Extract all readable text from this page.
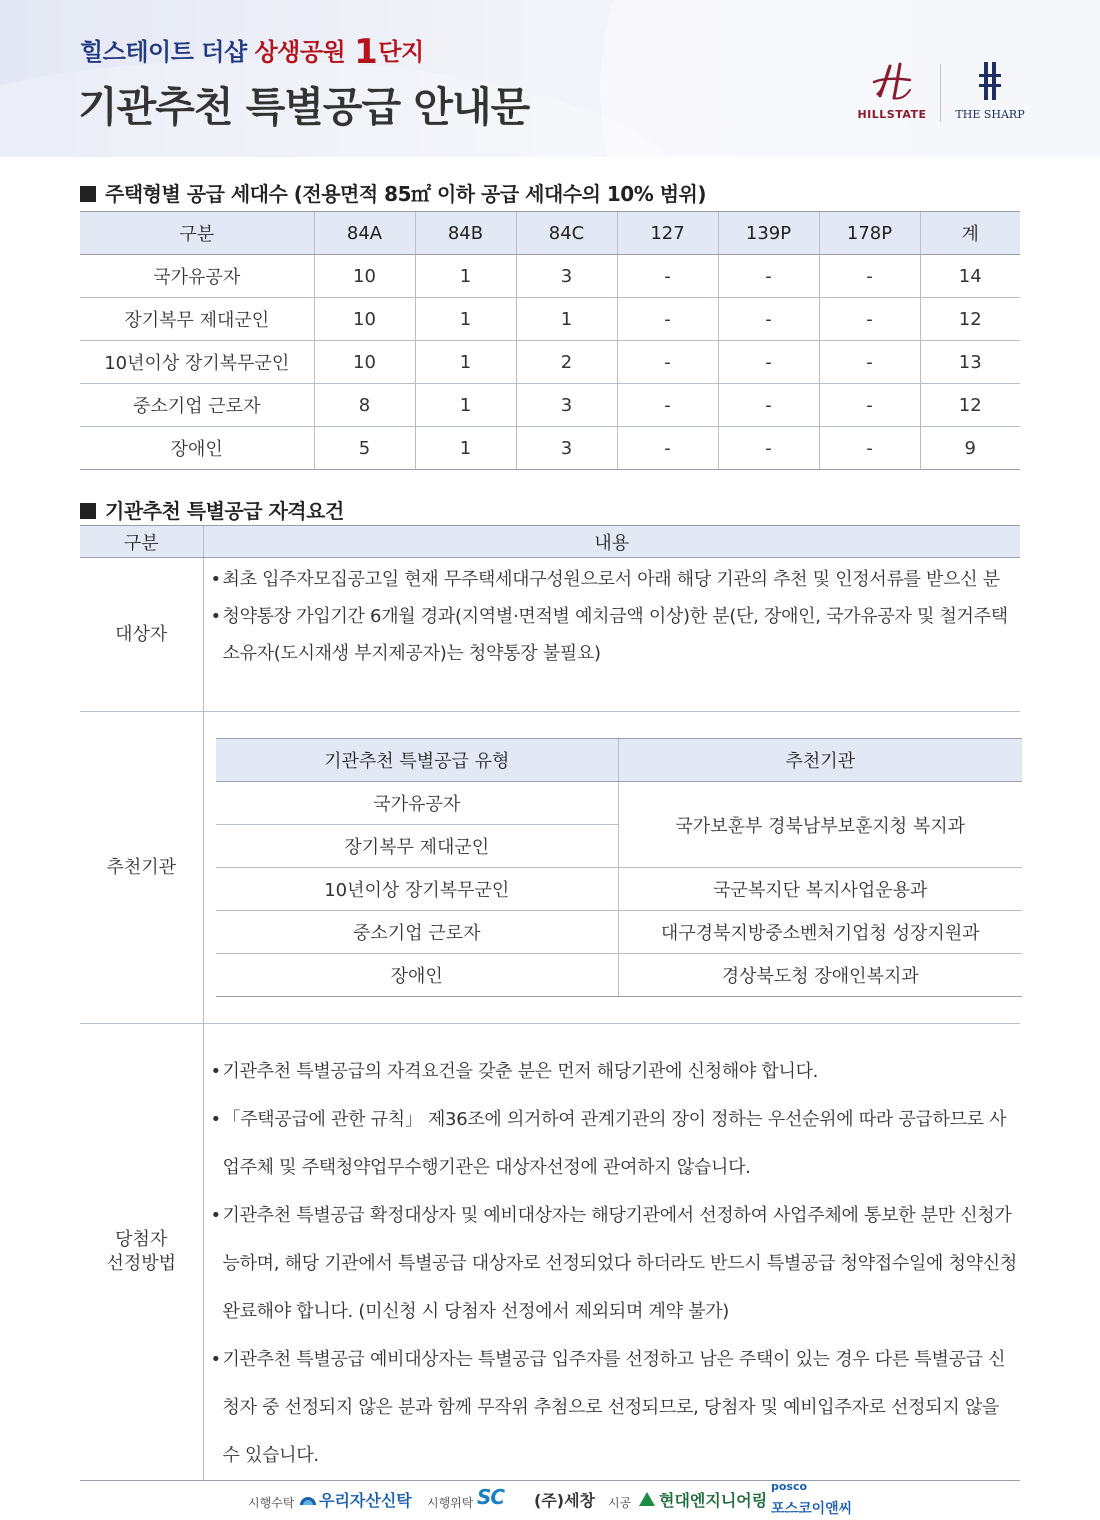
힐스테이트 더샵 상생공원 1단지
기관추천 특별공급 안내문	HILLSTATE	THE SHARP
주택형별 공급 세대수 (전용면적 85㎡ 이하 공급 세대수의 10% 범위)
구분	84A	84B	84C	127	139P	178P	계
국가유공자	10	1	3	-	-	-	14
장기복무 제대군인	10	1	1	-	-	-	12
10년이상 장기복무군인	10	1	2	-	-	-	13
중소기업 근로자	8	1	3	-	-	-	12
장애인	5	1	3	-	-	-	9
기관추천 특별공급 자격요건
구분	내용
대상자	
• 최초 입주자모집공고일 현재 무주택세대구성원으로서 아래 해당 기관의 추천 및 인정서류를 받으신 분
• 청약통장 가입기간 6개월 경과(지역별·면적별 예치금액 이상)한 분(단, 장애인, 국가유공자 및 철거주택 소유자(도시재생 부지제공자)는 청약통장 불필요)

추천기관	
기관추천 특별공급 유형	추천기관
국가유공자	국가보훈부 경북남부보훈지청 복지과
장기복무 제대군인
10년이상 장기복무군인	국군복지단 복지사업운용과
중소기업 근로자	대구경북지방중소벤처기업청 성장지원과
장애인	경상북도청 장애인복지과

당첨자
선정방법

• 기관추천 특별공급의 자격요건을 갖춘 분은 먼저 해당기관에 신청해야 합니다.
• 「주택공급에 관한 규칙」 제36조에 의거하여 관계기관의 장이 정하는 우선순위에 따라 공급하므로 사업주체 및 주택청약업무수행기관은 대상자선정에 관여하지 않습니다.
• 기관추천 특별공급 확정대상자 및 예비대상자는 해당기관에서 선정하여 사업주체에 통보한 분만 신청가능하며, 해당 기관에서 특별공급 대상자로 선정되었다 하더라도 반드시 특별공급 청약접수일에 청약신청 완료해야 합니다. (미신청 시 당첨자 선정에서 제외되며 계약 불가)
• 기관추천 특별공급 예비대상자는 특별공급 입주자를 선정하고 남은 주택이 있는 경우 다른 특별공급 신청자 중 선정되지 않은 분과 함께 무작위 추첨으로 선정되므로, 당첨자 및 예비입주자로 선정되지 않을 수 있습니다.
시행수탁 우리자산신탁 시행위탁 SC (주)세창 시공 현대엔지니어링
posco
포스코이앤씨
